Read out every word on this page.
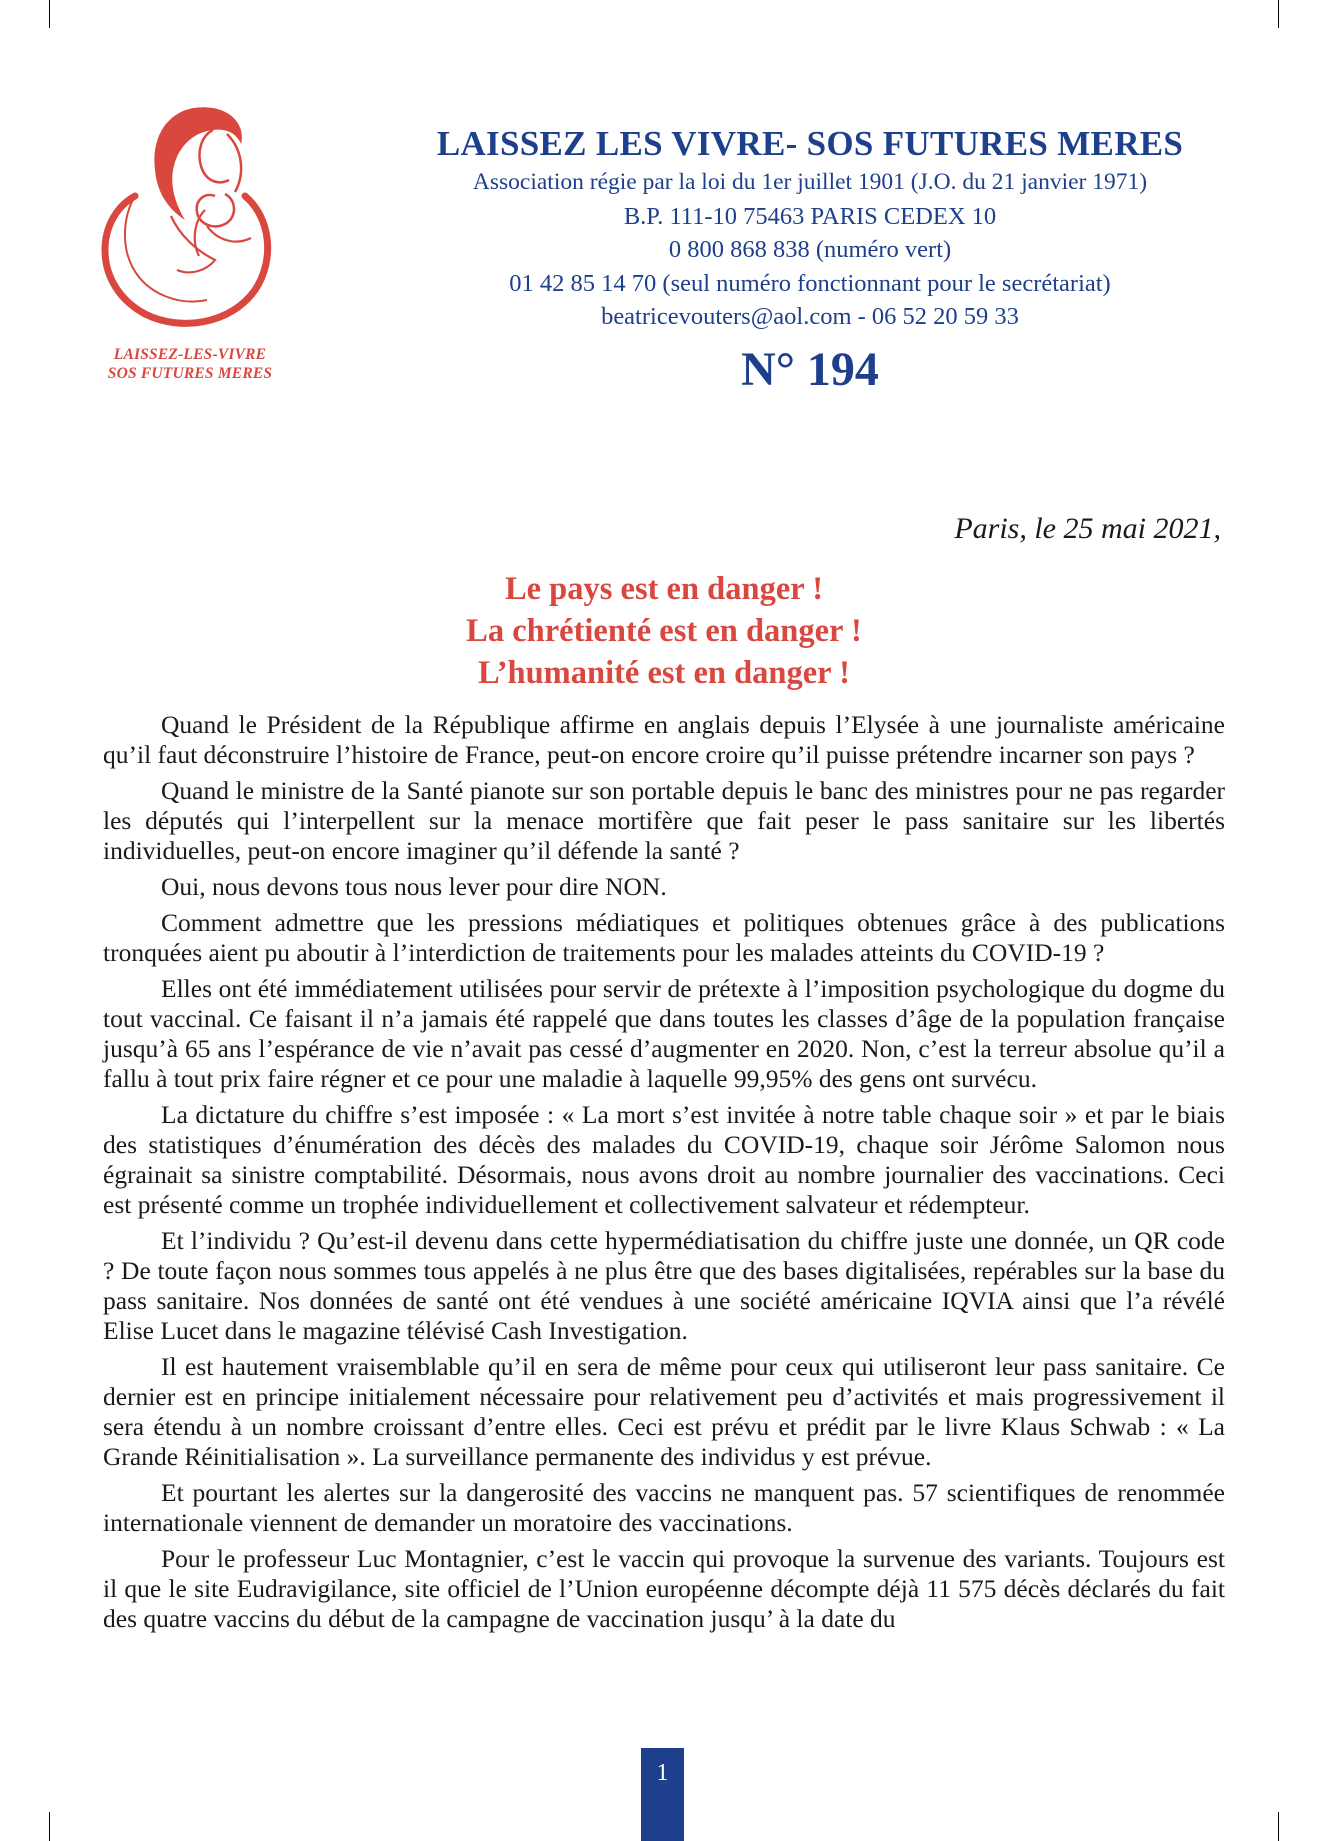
LAISSEZ-LES-VIVRE
SOS FUTURES MERES
LAISSEZ LES VIVRE- SOS FUTURES MERES
Association régie par la loi du 1er juillet 1901 (J.O. du 21 janvier 1971)
B.P. 111-10 75463 PARIS CEDEX 10
0 800 868 838 (numéro vert)
01 42 85 14 70 (seul numéro fonctionnant pour le secrétariat)
beatricevouters@aol.com - 06 52 20 59 33
N° 194
Paris, le 25 mai 2021,
Le pays est en danger !
La chrétienté est en danger !
L’humanité est en danger !

Quand le Président de la République affirme en anglais depuis l’Elysée à une journaliste américaine qu’il faut déconstruire l’histoire de France, peut-on encore croire qu’il puisse prétendre incarner son pays ?

Quand le ministre de la Santé pianote sur son portable depuis le banc des ministres pour ne pas regarder les députés qui l’interpellent sur la menace mortifère que fait peser le pass sanitaire sur les libertés individuelles, peut-on encore imaginer qu’il défende la santé ?

Oui, nous devons tous nous lever pour dire NON.

Comment admettre que les pressions médiatiques et politiques obtenues grâce à des publications tronquées aient pu aboutir à l’interdiction de traitements pour les malades atteints du COVID-19 ?

Elles ont été immédiatement utilisées pour servir de prétexte à l’imposition psychologique du dogme du tout vaccinal. Ce faisant il n’a jamais été rappelé que dans toutes les classes d’âge de la population française jusqu’à 65 ans l’espérance de vie n’avait pas cessé d’augmenter en 2020. Non, c’est la terreur absolue qu’il a fallu à tout prix faire régner et ce pour une maladie à laquelle 99,95% des gens ont survécu.

La dictature du chiffre s’est imposée : « La mort s’est invitée à notre table chaque soir » et par le biais des statistiques d’énumération des décès des malades du COVID-19, chaque soir Jérôme Salomon nous égrainait sa sinistre comptabilité. Désormais, nous avons droit au nombre journalier des vaccinations. Ceci est présenté comme un trophée individuellement et collectivement salvateur et rédempteur.

Et l’individu ? Qu’est-il devenu dans cette hypermédiatisation du chiffre juste une donnée, un QR code ? De toute façon nous sommes tous appelés à ne plus être que des bases digitalisées, repérables sur la base du pass sanitaire. Nos données de santé ont été vendues à une société américaine IQVIA ainsi que l’a révélé Elise Lucet dans le magazine télévisé Cash Investigation.

Il est hautement vraisemblable qu’il en sera de même pour ceux qui utiliseront leur pass sanitaire. Ce dernier est en principe initialement nécessaire pour relativement peu d’activités et mais progressivement il sera étendu à un nombre croissant d’entre elles. Ceci est prévu et prédit par le livre Klaus Schwab : « La Grande Réinitialisation ». La surveillance permanente des individus y est prévue.

Et pourtant les alertes sur la dangerosité des vaccins ne manquent pas. 57 scientifiques de renommée internationale viennent de demander un moratoire des vaccinations.

Pour le professeur Luc Montagnier, c’est le vaccin qui provoque la survenue des variants. Toujours est il que le site Eudravigilance, site officiel de l’Union européenne décompte déjà 11 575 décès déclarés du fait des quatre vaccins du début de la campagne de vaccination jusqu’ à la date du

1
